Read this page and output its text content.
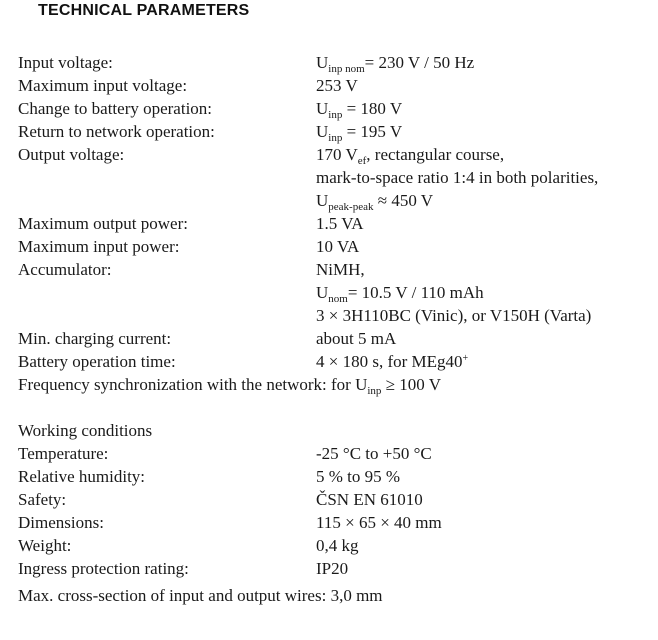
TECHNICAL PARAMETERS
Input voltage:	$U_{inp nom}= 230$ V / 50 Hz
Maximum input voltage:	253 V
Change to battery operation:	$U_{inp} = 180$ V
Return to network operation:	$U_{inp} = 195$ V
Output voltage:	170 $V_{ef}$, rectangular course,
mark-to-space ratio 1:4 in both polarities,
$U_{peak-peak} \approx 450$ V
Maximum output power:	1.5 VA
Maximum input power:	10 VA
Accumulator:	NiMH,
$U_{nom}= 10.5$ V / 110 mAh
3 × 3H110BC (Vinic), or V150H (Varta)
Min. charging current:	about 5 mA
Battery operation time:	4 × 180 s, for MEg40+
Frequency synchronization with the network: for $U_{inp} \ge 100$ V
Working conditions
Temperature:	-25 °C to +50 °C
Relative humidity:	5 % to 95 %
Safety:	ČSN EN 61010
Dimensions:	115 × 65 × 40 mm
Weight:	0,4 kg
Ingress protection rating:	IP20
Max. cross-section of input and output wires: 3,0 mm
